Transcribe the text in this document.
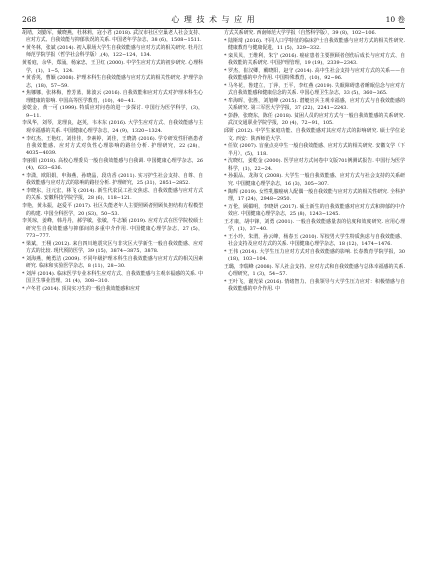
268	心 理 技 术 与 应 用	10 卷

胡靖，刘勤军，戴晓燕，杜林莉，寇小君 (2018). 武汉市社区空巢老人社会支持、应对方式、自我效能与抑郁状况的关系. 中国老年学杂志，38 (6)，1508−1511.

* 黄冬林，张斌 (2014). 初入职场大学生自我效能感与应对方式的相关研究. 牡丹江师范学院学报（哲学社会科学版）,(4)，122−124，134.

黄希庭，余华，郑涌，杨家忠，王卫红 (2000). 中学生应对方式的初步研究. 心理科学，(1)，1−5，124.

* 黄香英，曹颖 (2008). 护理本科生自我效能感与应对方式的相关性研究. 护理学杂志，(18)，57−59.

* 焦娜娜，张林梅，曾芳蓝，陈波云 (2016). 自我效能和应对方式对护理本科生心理健康的影响. 中国高等医学教育，(10)，40−41.

姜乾金，黄一可 (1999). 特质应对问卷的进一步探讨. 中国行为医学科学，(3)，9−11.

李凤华，刘琴，龙理良，赵英，韦本东 (2016). 大学生应对方式、自我效能感与主观幸福感的关系. 中国健康心理学杂志，24 (9)，1320−1324.

* 李红杰，王艳红，刘佳佳，李素婷，刘佳，王晓鸽 (2016). 学专研发性肝癌患者自我效能感、应对方式对负性心理影响的路径分析. 护理研究，22 (28)，4035−4039.

李丽娟 (2018). 高校心理委员一般自我效能感与自我调. 中国健康心理学杂志，26 (4)，633−636.

* 李潇，欧阳娟，申海燕，孙晓晶，段功香 (2011). 实习护生社会支持、自尊、自我效能感与应对方式的影响的路径分析. 护理研究，25 (31)，2851−2852.

* 李晓东，汪元宏，林飞 (2014). 新生代农民工社交焦虑、自我效能感与应对方式的关系. 安徽科技学院学报，28 (6)，118−121.

李艳，黄永振，赵爱平 (2017). 社区失能老年人主要照顾者照顾负担结构方程模型的构建. 中国全科医学，20 (S3)，50−53.

李英琼，姜峰，韩丹丹，郝学敏，张敏，牛志颖 (2019). 应对方式在医学院校硕士研究生自我效能感与抑郁间的多重中介作用. 中国健康心理学杂志，27 (5)，773−777.

* 梁斌，王栩 (2012). 来自四川地震灾区与非灾区大学新生一般自我效能感、应对方式的比较. 现代预防医学，39 (15)，3874−3875，3878.

* 刘海燕，鲍勇洁 (2009). 不同年级护理本科生自我效能感与应对方式的相关因素研究. 临床和实验医学杂志，8 (11)，28−30.

* 刘萍 (2014). 临床医学专业本科生应对方式、自我效能感与主观幸福感的关系. 中国卫生事业管理，31 (4)，308−310.

* 卢冬君 (2014). 顶岗实习生的一般自我效能感和应对

方式关系研究. 西南师范大学学报（自然科学版），39 (8)，102−106.

* 陆斯琦 (2016). 不同人口学特征的临床护士自我效能感与应对方式的相关性研究. 健康教育与健康促进，11 (5)，329−332.

* 栾贝贝，王维利，朱宁 (2016). 癌症患者主要照顾者创伤后成长与应对方式、自我效能的关系研究. 中国护理管理，19 (19)，2339−2343.

* 罗杰，崔汉卿，戴晓阳，赵守 (2014). 高中生社会支持与应对方式的关系——自我效能感的中介作用. 中国特殊教育，(10)，92−96.

* 马冬花，鲁建立，丁萍，王平，李红燕 (2019). 失眠障碍患者睡眠信念与应对方式自我效能感和健康信念的关系. 中国心理卫生杂志，33 (5)，360−365.

* 牟海晖，张胜，刘旭峰 (2015). 潜艇官兵主观幸福感，应对方式与自我效能感的关系研究. 第三军医大学学报，37 (22)，2241−2243.

* 彭静，张晓东，陈任 (2018). 贫困人员的应对方式与一般自我效能感的关系研究. 武汉交通职业学院学报，20 (4)，72−91，105.

邱妍 (2012). 中学生家庭功能、自我效能感对其应对方式的影响研究. 硕士学位论文. 西安：陕西师范大学.

* 任钦 (2007). 盲童点亮中生一般自我效能感、应对方式的相关研究. 安徽文学（下半月），(5)，118.

* 沈晓红，姜乾金 (2000). 医学应对方式问卷中文版701例测试报告. 中国行为医学科学，(1)，22−24.

* 孙振品，龙海文 (2008). 大学生一般自我效能感、应对方式与社会支持的关系研究. 中国健康心理学杂志，16 (3)，305−307.

* 陶辉 (2019). 女性乳腺癌病人配偶一般自我效能与应对方式的相关性研究. 全科护理，17 (24)，2948−2950.

* 万伦，顾媚明，李晓妍 (2017). 硕士新生的自我效能感对应对方式和抑郁的中介效应. 中国健康心理学杂志，25 (8)，1243−1245.

王才康，胡中锋，刘勇 (2001). 一般自我效能感量表的信度和效度研究. 应用心理学，(1)，37−40.

* 王小玲，朱渭，孙云峰，杨春玉 (2010). 军校男大学生特质焦虑与自我效能感、社会支持及应对方式的关系. 中国健康心理学杂志，18 (12)，1474−1476.

* 王伟 (2014). 大学生压力应对方式对自我效能感的影响. 长春教育学院学报，30 (18)，103−104.

王璐，李瑞峰 (2008). 军人社会支持、应对方式和自我效能感与总体幸福感的关系. 心理研究，1 (3)，54−57.

* 王叶飞，谢光荣 (2016). 情绪智力、自我领导与大学生压力应对：积极情感与自我效能感的中介作用. 中
